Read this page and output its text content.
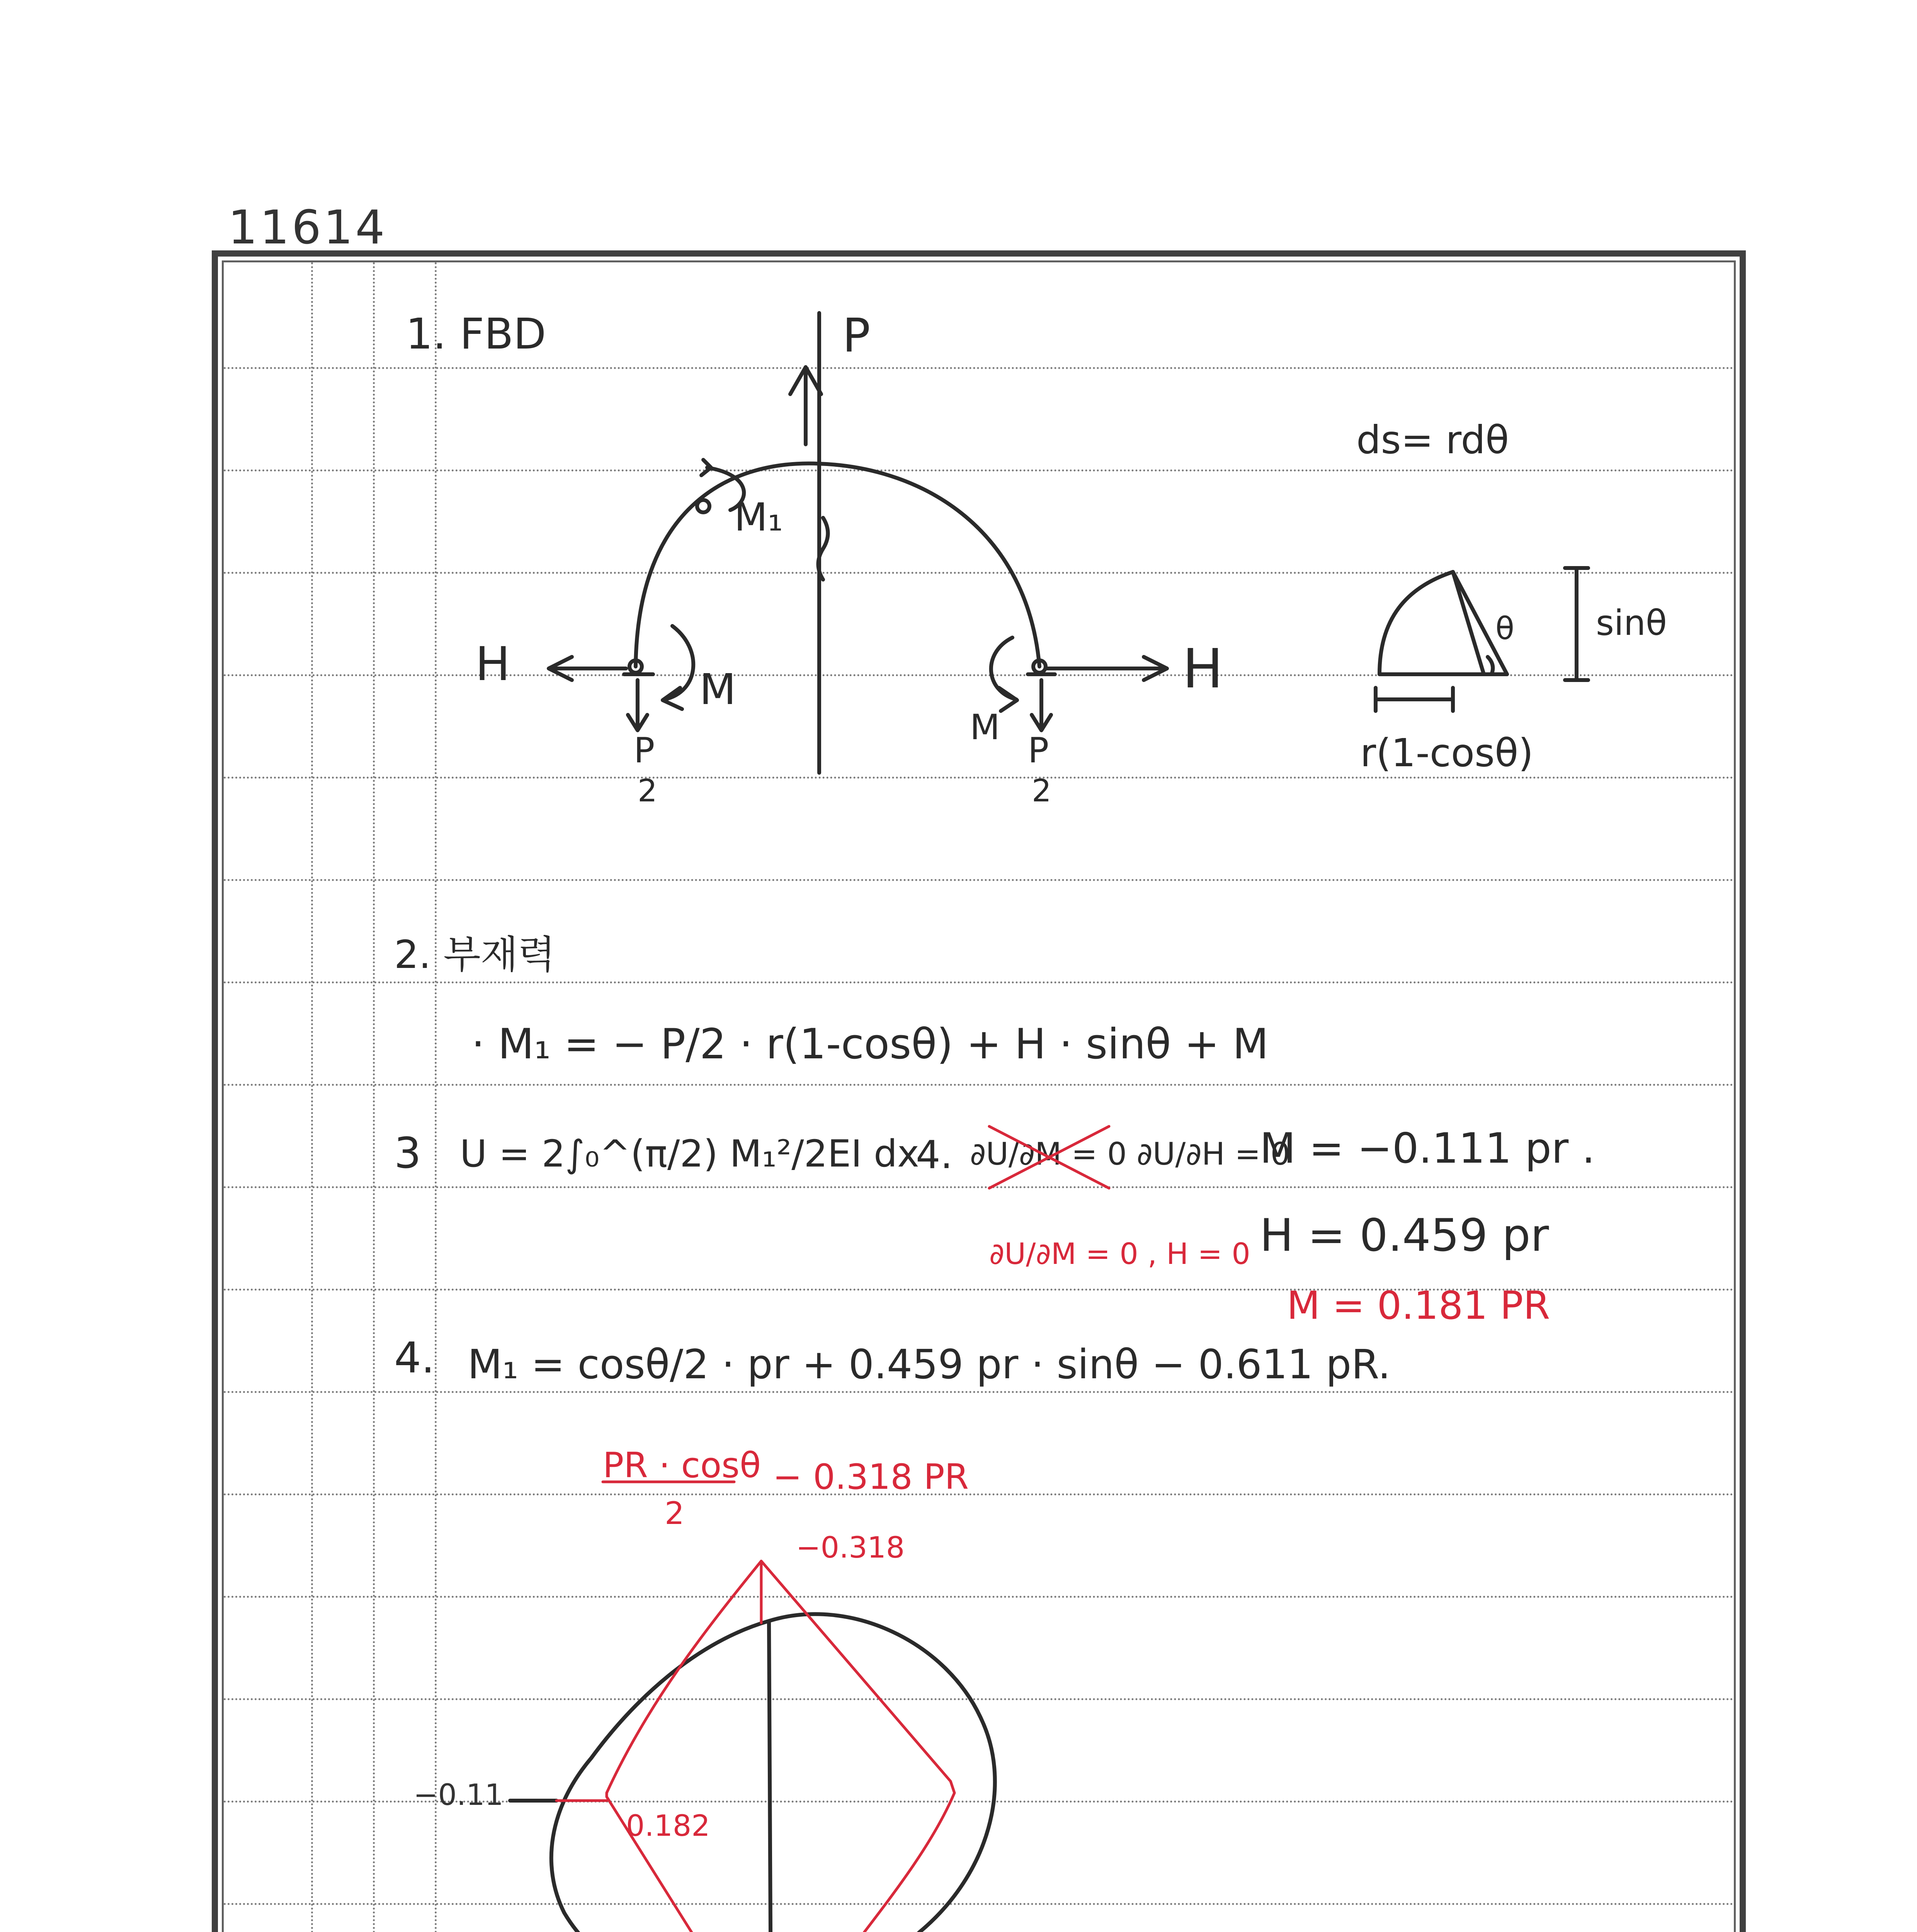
11614
1. FBD	P
M₁
H	M	H
M
P
2
P
2
ds= rdθ
θ sinθ
r(1-cosθ)
2. 부재력
· M₁ = − P/2 · r(1-cosθ) + H · sinθ + M
3 U = 2∫₀^(π/2) M₁²/2EI dx
4. ∂U/∂M = 0 ∂U/∂H = 0
∂U/∂M = 0 , H = 0
M = −0.111 pr .
H = 0.459 pr
M = 0.181 PR
4. M₁ = cosθ/2 · pr + 0.459 pr · sinθ − 0.611 pR.
PR · cosθ
2
− 0.318 PR
−0.318
−0.11
0.182
